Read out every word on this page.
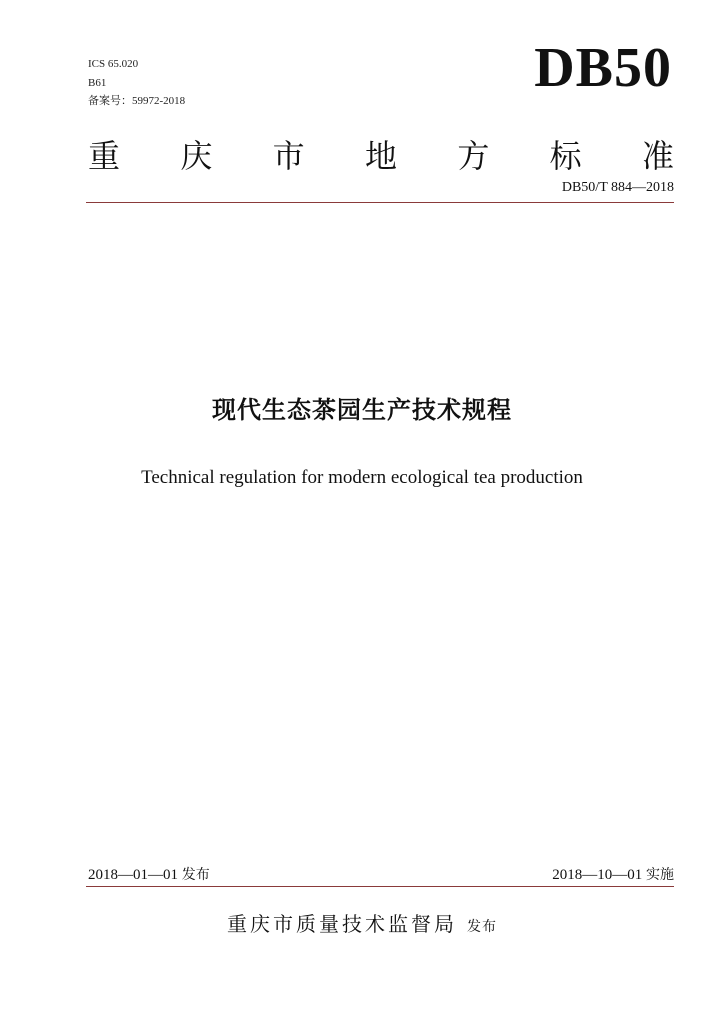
ICS 65.020
B61
备案号：59972-2018
DB50
重 庆 市 地 方 标 准
DB50/T 884—2018
现代生态茶园生产技术规程
Technical regulation for modern ecological tea production
2018—01—01 发布	2018—10—01 实施
重庆市质量技术监督局 发布
